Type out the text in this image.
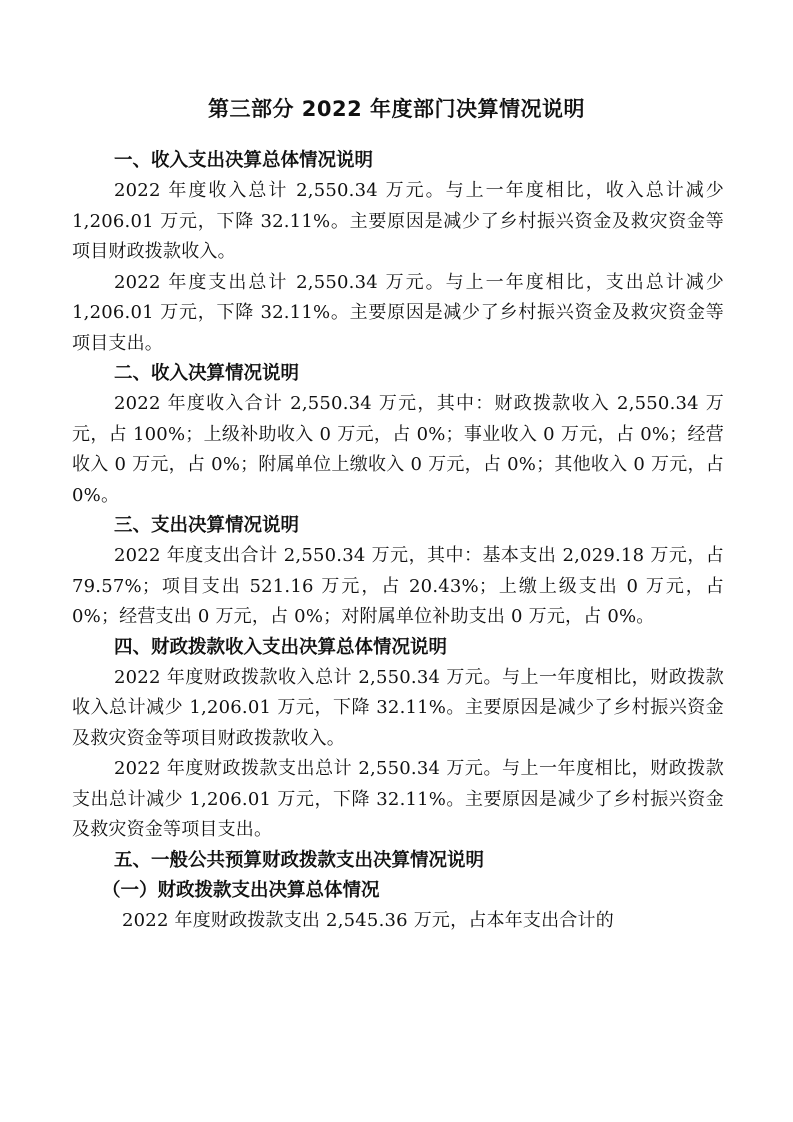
第三部分 2022 年度部门决算情况说明
一、收入支出决算总体情况说明

2022 年度收入总计 2,550.34 万元。与上一年度相比，收入总计减少 1,206.01 万元，下降 32.11%。主要原因是减少了乡村振兴资金及救灾资金等项目财政拨款收入。

2022 年度支出总计 2,550.34 万元。与上一年度相比，支出总计减少 1,206.01 万元，下降 32.11%。主要原因是减少了乡村振兴资金及救灾资金等项目支出。

二、收入决算情况说明

2022 年度收入合计 2,550.34 万元，其中：财政拨款收入 2,550.34 万元，占 100%；上级补助收入 0 万元，占 0%；事业收入 0 万元，占 0%；经营收入 0 万元，占 0%；附属单位上缴收入 0 万元，占 0%；其他收入 0 万元，占 0%。

三、支出决算情况说明

2022 年度支出合计 2,550.34 万元，其中：基本支出 2,029.18 万元，占 79.57%；项目支出 521.16 万元，占 20.43%；上缴上级支出 0 万元，占 0%；经营支出 0 万元，占 0%；对附属单位补助支出 0 万元，占 0%。

四、财政拨款收入支出决算总体情况说明

2022 年度财政拨款收入总计 2,550.34 万元。与上一年度相比，财政拨款收入总计减少 1,206.01 万元，下降 32.11%。主要原因是减少了乡村振兴资金及救灾资金等项目财政拨款收入。

2022 年度财政拨款支出总计 2,550.34 万元。与上一年度相比，财政拨款支出总计减少 1,206.01 万元，下降 32.11%。主要原因是减少了乡村振兴资金及救灾资金等项目支出。

五、一般公共预算财政拨款支出决算情况说明
（一）财政拨款支出决算总体情况

2022 年度财政拨款支出 2,545.36 万元，占本年支出合计的
